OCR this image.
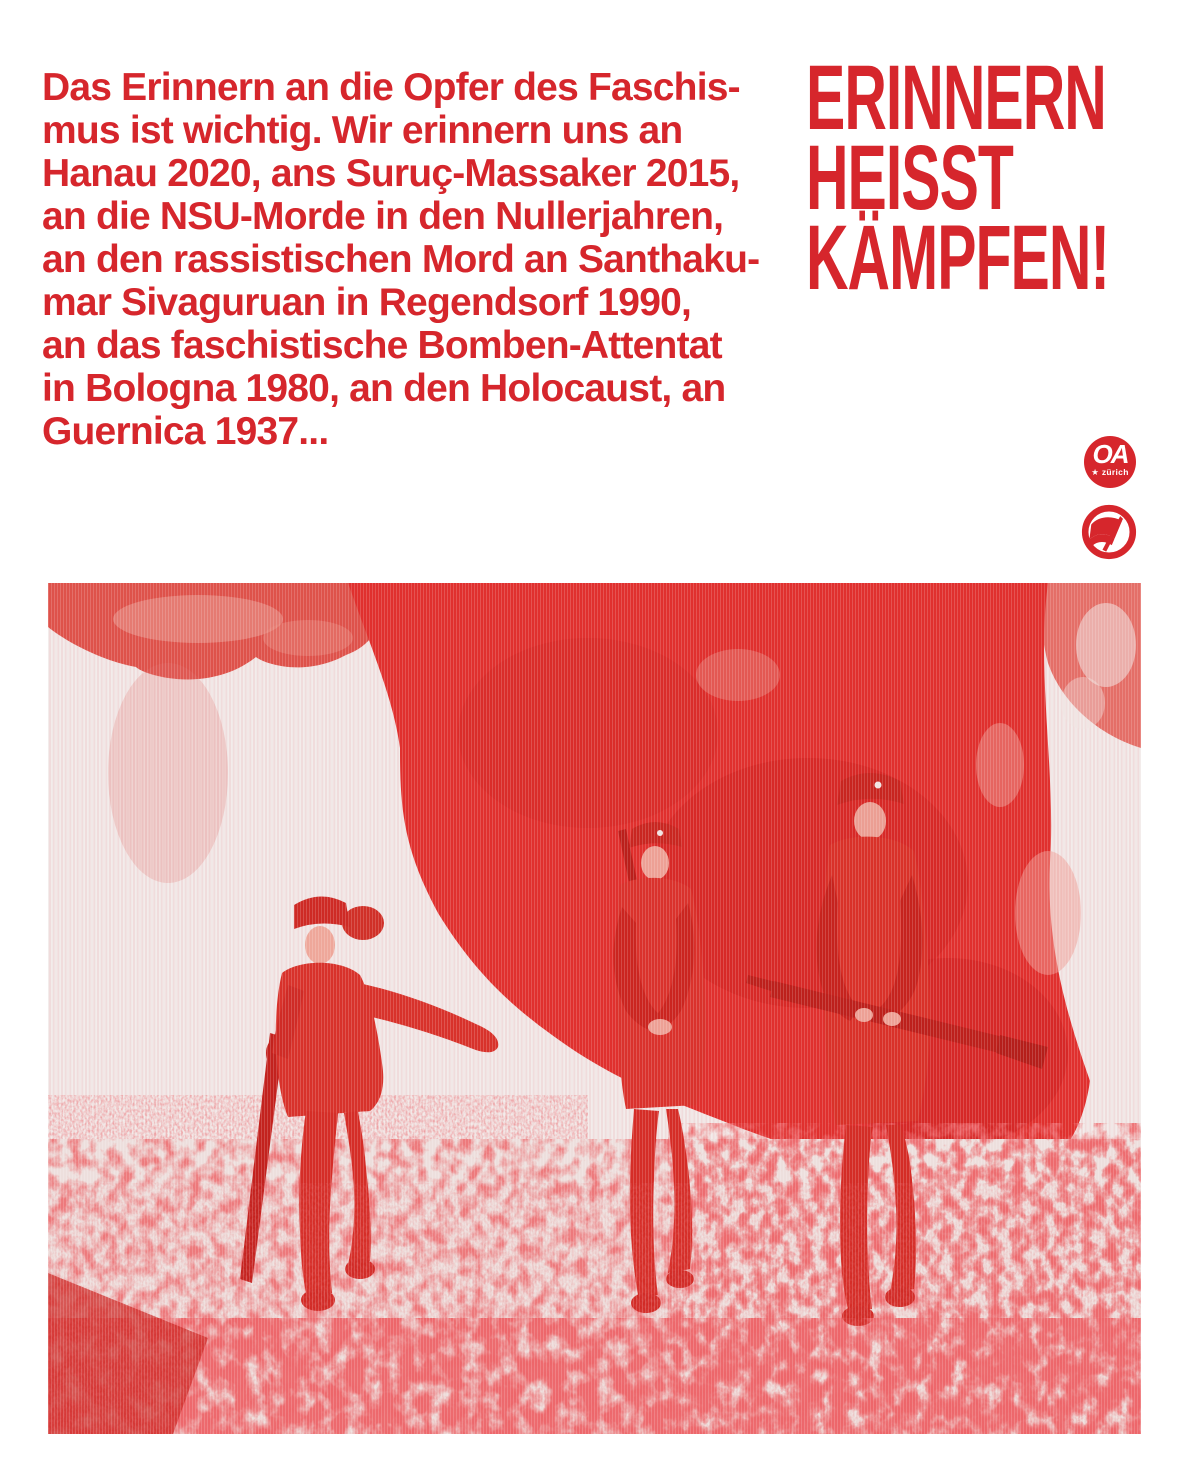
Das Erinnern an die Opfer des Faschis-
mus ist wichtig. Wir erinnern uns an
Hanau 2020, ans Suruç-Massaker 2015,
an die NSU-Morde in den Nullerjahren,
an den rassistischen Mord an Santhaku-
mar Sivaguruan in Regendsorf 1990,
an das faschistische Bomben-Attentat
in Bologna 1980, an den Holocaust, an
Guernica 1937...
ERINNERN
HEISST
KÄMPFEN!
OA
★ zürich
